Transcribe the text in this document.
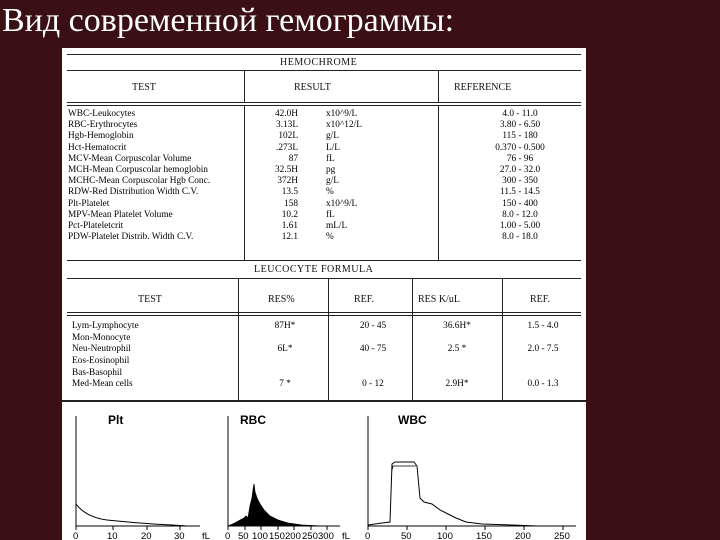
Вид современной гемограммы:
HEMOCHROME
TEST	RESULT	REFERENCE
WBC-Leukocytes	42.0H	x10^9/L	4.0 - 11.0
RBC-Erythrocytes	3.13L	x10^12/L	3.80 - 6.50
Hgb-Hemoglobin	102L	g/L	115 - 180
Hct-Hematocrit	.273L	L/L	0.370 - 0.500
MCV-Mean Corpuscolar Volume	87	fL	76 - 96
MCH-Mean Corpuscolar hemoglobin	32.5H	pg	27.0 - 32.0
MCHC-Mean Corpuscolar Hgb Conc.	372H	g/L	300 - 350
RDW-Red Distribution Width C.V.	13.5	%	11.5 - 14.5
Plt-Platelet	158	x10^9/L	150 - 400
MPV-Mean Platelet Volume	10.2	fL	8.0 - 12.0
Pct-Plateletcrit	1.61	mL/L	1.00 - 5.00
PDW-Platelet Distrib. Width C.V.	12.1	%	8.0 - 18.0
LEUCOCYTE FORMULA
TEST	RES%	REF.	RES K/uL	REF.
Lym-Lymphocyte	87H*	20 - 45	36.6H*	1.5 - 4.0
Mon-Monocyte
Neu-Neutrophil	6L*	40 - 75	2.5 *	2.0 - 7.5
Eos-Eosinophil
Bas-Basophil
Med-Mean cells	7 *	0 - 12	2.9H*	0.0 - 1.3
Plt
0	10 20 30 fL
RBC
0 50 100 150 200 250 300 fL
WBC
0	50	100 150 200 250
